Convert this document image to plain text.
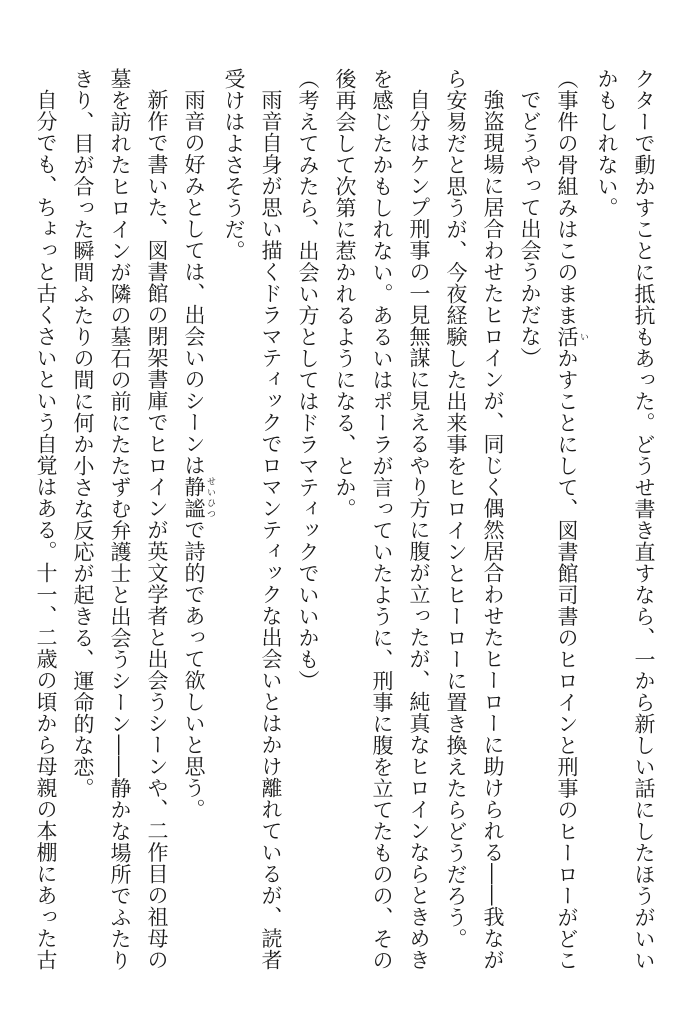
クターで動かすことに抵抗もあった。どうせ書き直すなら、一から新しい話にしたほうがいい
かもしれない。
（事件の骨組みはこのまま活 いかすことにして、図書館司書のヒロインと刑事のヒーローがどこ
でどうやって出会うかだな）
強盗現場に居合わせたヒロインが、同じく偶然居合わせたヒーローに助けられる――我なが
ら安易だと思うが、今夜経験した出来事をヒロインとヒーローに置き換えたらどうだろう。
自分はケンプ刑事の一見無謀に見えるやり方に腹が立ったが、純真なヒロインならときめき
を感じたかもしれない。あるいはポーラが言っていたように、刑事に腹を立てたものの、その
後再会して次第に惹かれるようになる、とか。
（考えてみたら、出会い方としてはドラマティックでいいかも）
雨音自身が思い描くドラマティックでロマンティックな出会いとはかけ離れているが、読者
受けはよさそうだ。
雨音の好みとしては、出会いのシーンは静謐 せいひつで詩的であって欲しいと思う。
新作で書いた、図書館の閉架書庫でヒロインが英文学者と出会うシーンや、二作目の祖母の
墓を訪れたヒロインが隣の墓石の前にたたずむ弁護士と出会うシーン――静かな場所でふたり
きり、目が合った瞬間ふたりの間に何か小さな反応が起きる、運命的な恋。
自分でも、ちょっと古くさいという自覚はある。十一、二歳の頃から母親の本棚にあった古
